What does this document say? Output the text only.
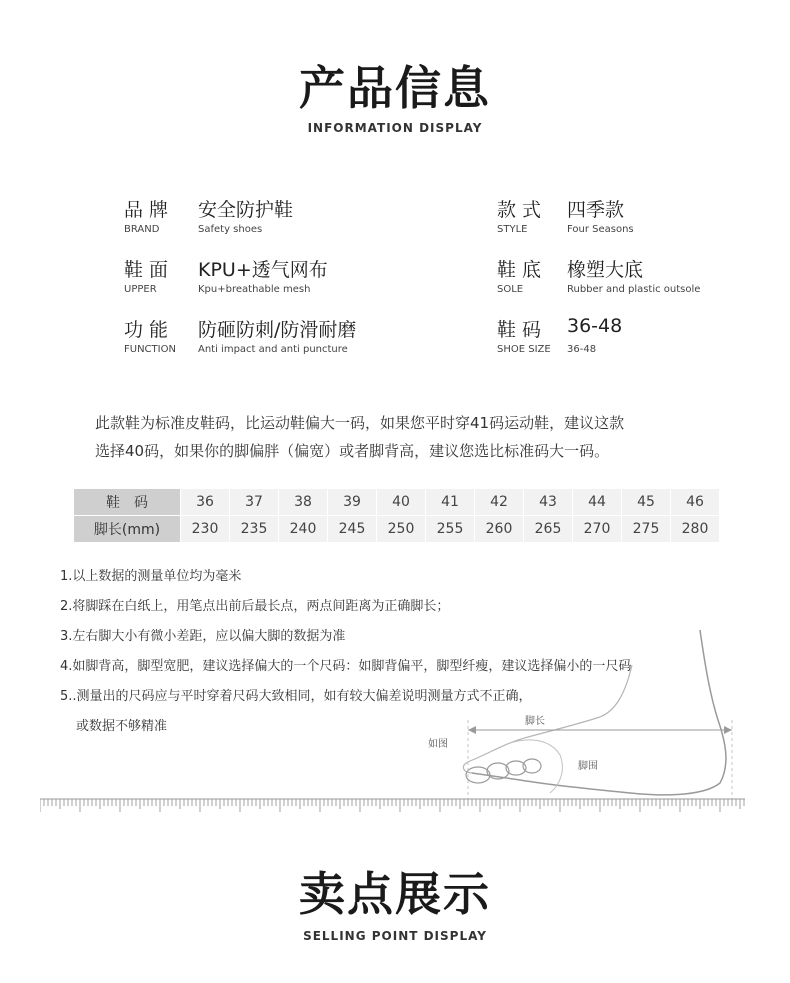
产品信息
INFORMATION DISPLAY
品 牌	安全防护鞋
BRAND	Safety shoes
款 式	四季款
STYLE	Four Seasons
鞋 面	KPU+透气网布
UPPER	Kpu+breathable mesh
鞋 底	橡塑大底
SOLE	Rubber and plastic outsole
功 能	防砸防刺/防滑耐磨
FUNCTION Anti impact and anti puncture
鞋 码	36-48
SHOE SIZE 36-48
此款鞋为标准皮鞋码，比运动鞋偏大一码，如果您平时穿41码运动鞋，建议这款
选择40码，如果你的脚偏胖（偏宽）或者脚背高，建议您选比标准码大一码。
鞋　码	36	37	38	39	40	41	42	43	44	45	46
脚长(mm)	230	235	240	245	250	255	260	265	270	275	280
脚长
如图
脚围
1.以上数据的测量单位均为毫米
2.将脚踩在白纸上，用笔点出前后最长点，两点间距离为正确脚长；
3.左右脚大小有微小差距，应以偏大脚的数据为准
4.如脚背高，脚型宽肥，建议选择偏大的一个尺码：如脚背偏平，脚型纤瘦，建议选择偏小的一尺码
5..测量出的尺码应与平时穿着尺码大致相同，如有较大偏差说明测量方式不正确，
或数据不够精准
卖点展示
SELLING POINT DISPLAY
